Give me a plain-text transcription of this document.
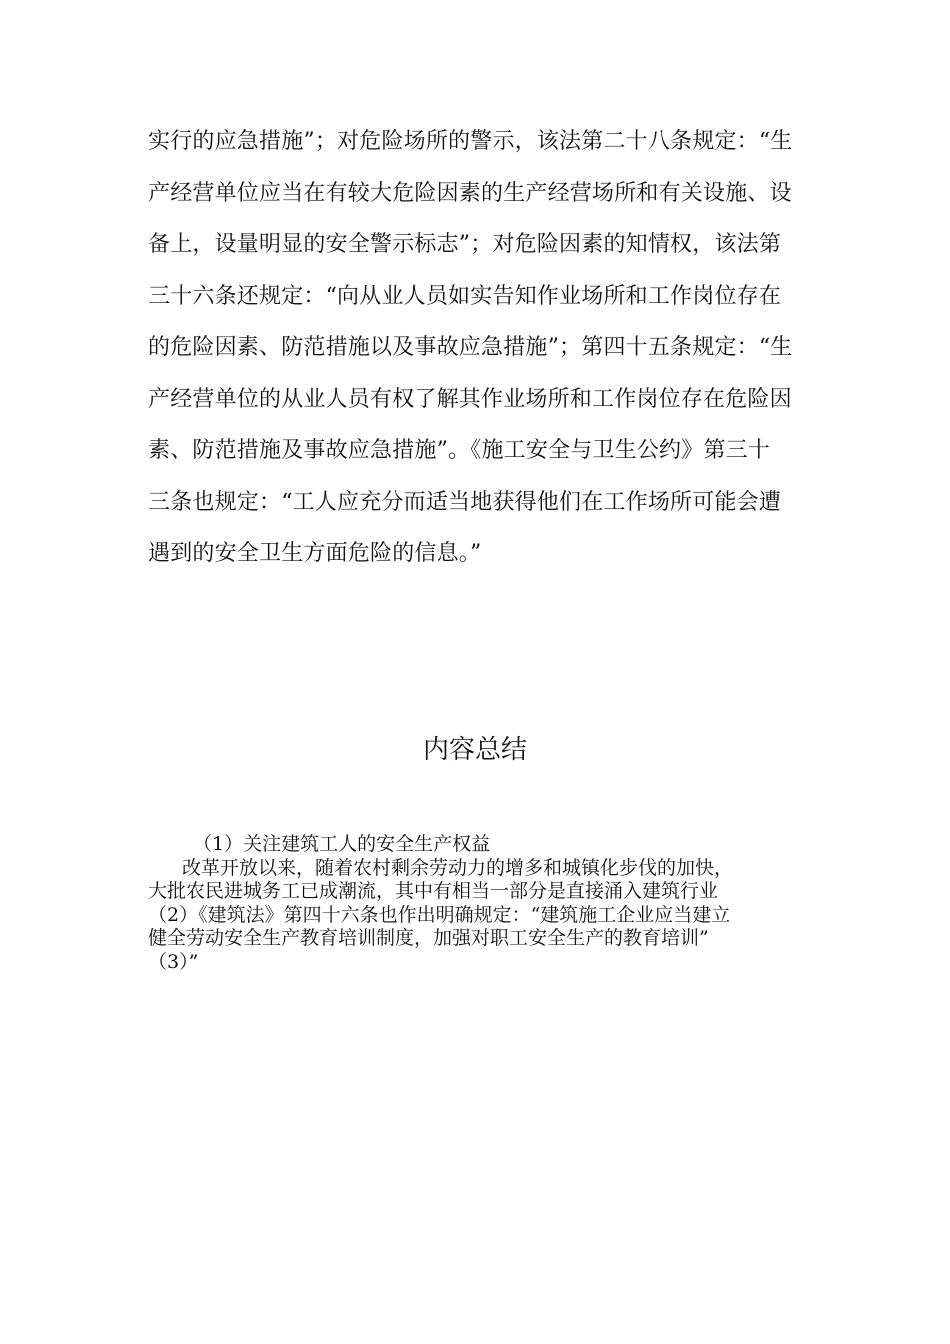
实行的应急措施”；对危险场所的警示，该法第二十八条规定：“生
产经营单位应当在有较大危险因素的生产经营场所和有关设施、设
备上，设量明显的安全警示标志”；对危险因素的知情权，该法第
三十六条还规定：“向从业人员如实告知作业场所和工作岗位存在
的危险因素、防范措施以及事故应急措施”；第四十五条规定：“生
产经营单位的从业人员有权了解其作业场所和工作岗位存在危险因
素、防范措施及事故应急措施”。《施工安全与卫生公约》第三十
三条也规定：“工人应充分而适当地获得他们在工作场所可能会遭
遇到的安全卫生方面危险的信息。”
内容总结
（1）关注建筑工人的安全生产权益
改革开放以来，随着农村剩余劳动力的增多和城镇化步伐的加快，
大批农民进城务工已成潮流，其中有相当一部分是直接涌入建筑行业
（2）《建筑法》第四十六条也作出明确规定：“建筑施工企业应当建立
健全劳动安全生产教育培训制度，加强对职工安全生产的教育培训”
（3）”
